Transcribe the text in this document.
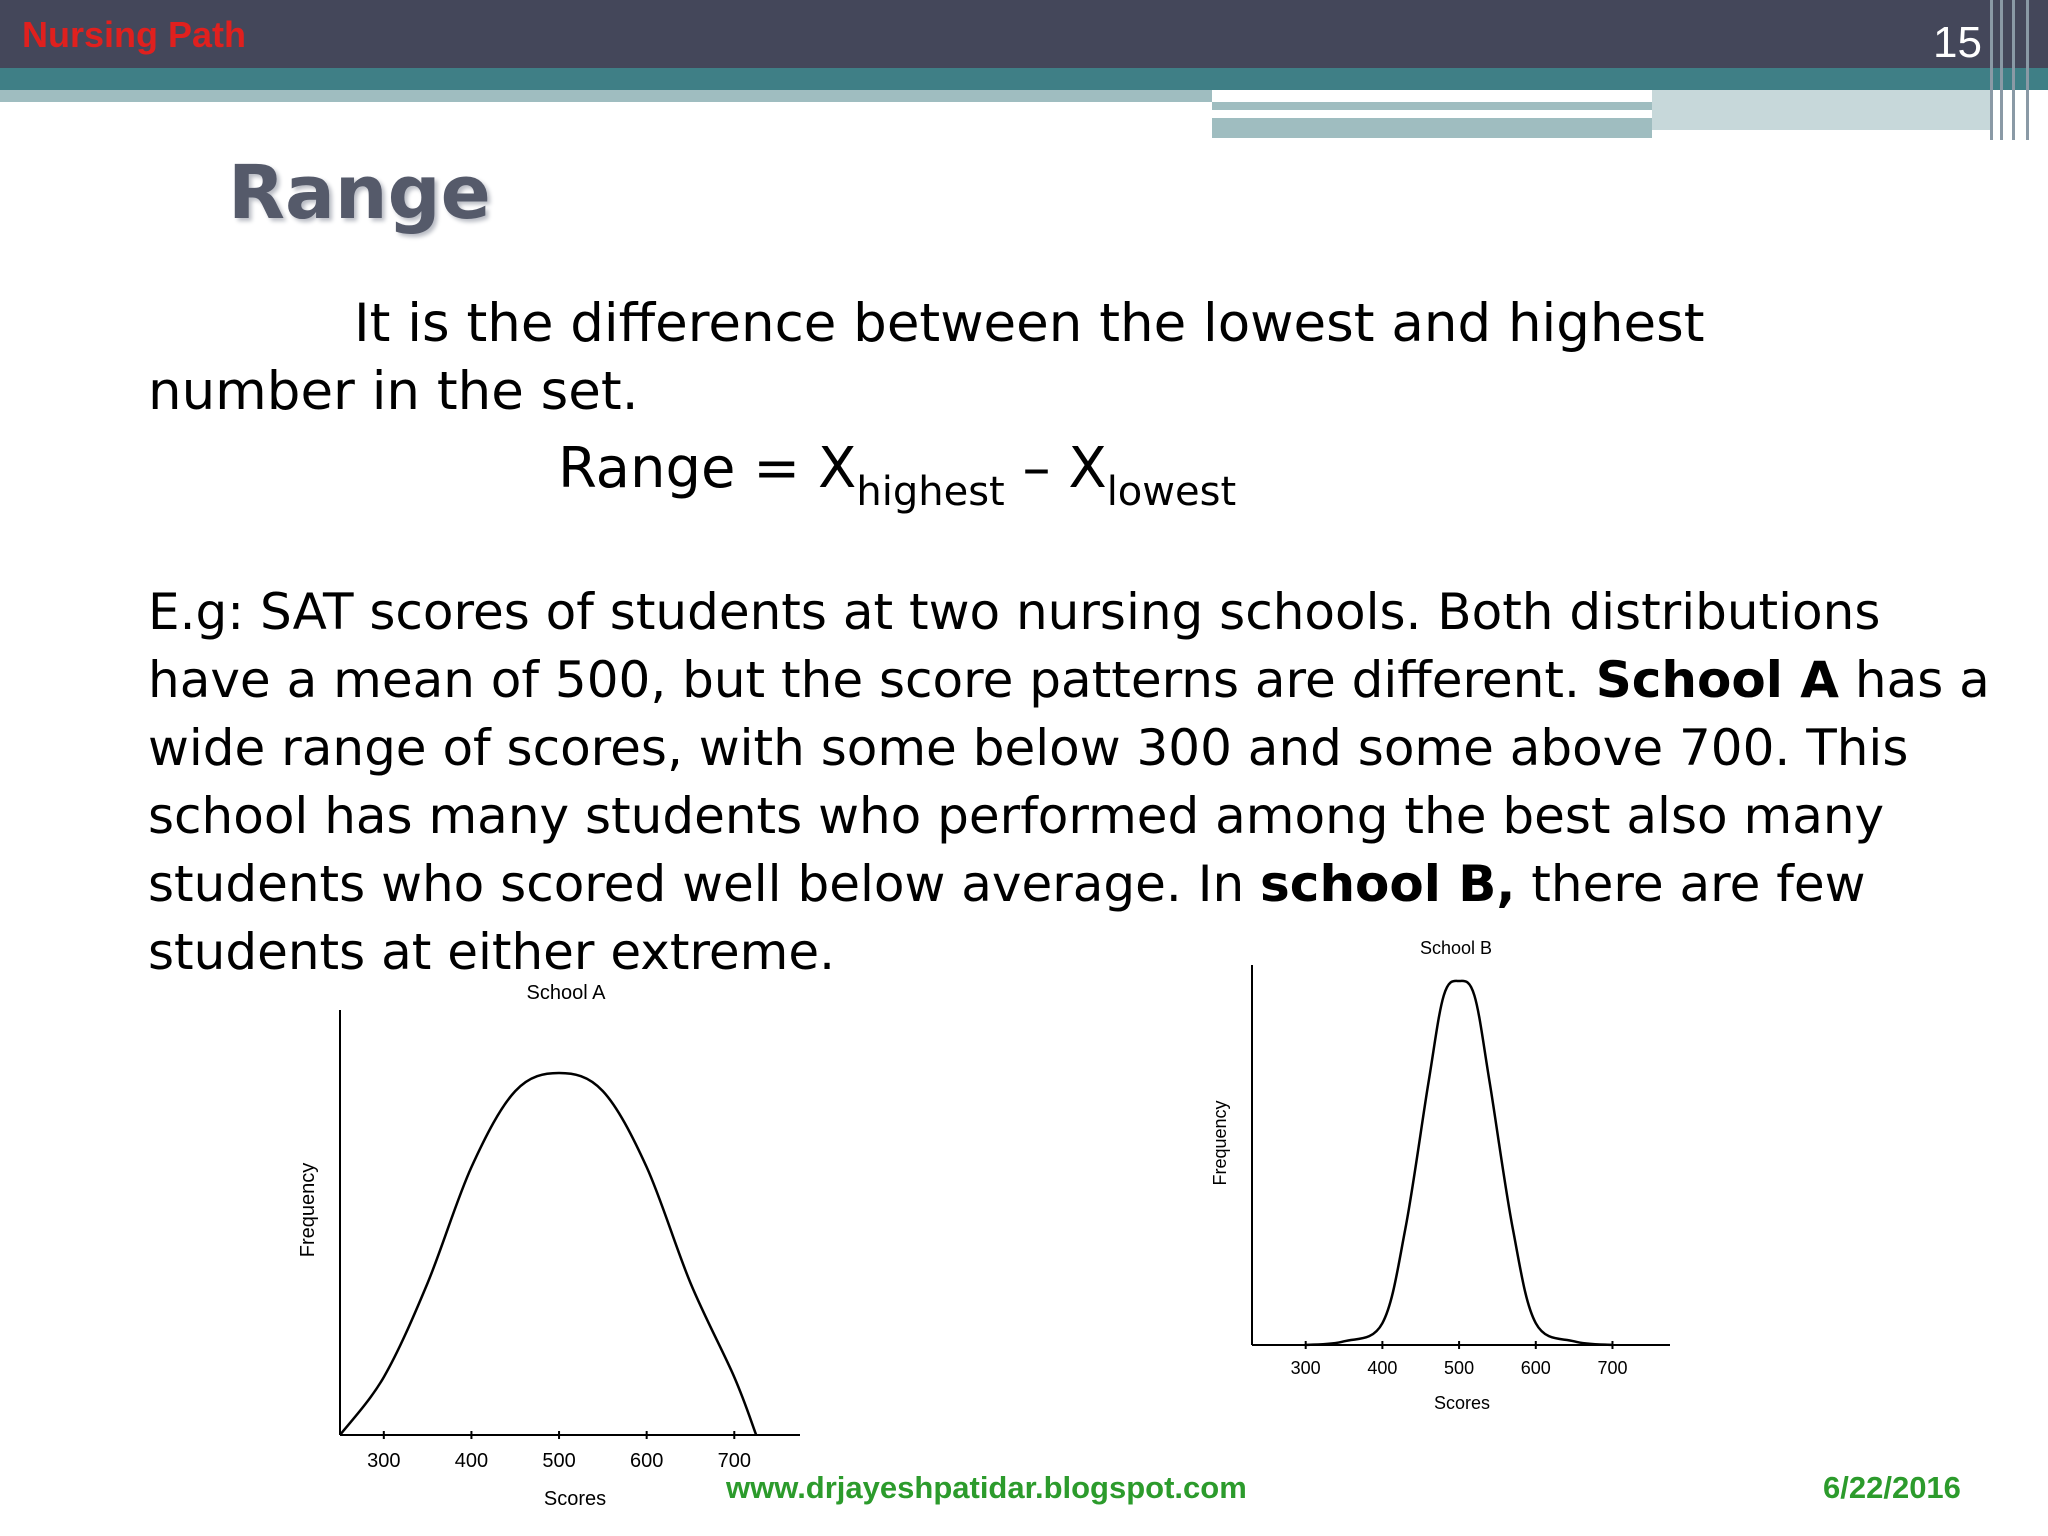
Nursing Path	15
Range

It is the difference between the lowest and highest

number in the set.

Range = $X_{highest} - X_{lowest}$
E.g: SAT scores of students at two nursing schools. Both distributions
have a mean of 500, but the score patterns are different. School A has a
wide range of scores, with some below 300 and some above 700. This
school has many students who performed among the best also many
students who scored well below average. In school B, there are few
students at either extreme.
School A
Frequency
Scores
300	400	500	600	700
School B
Frequency
Scores
300	400	500	600	700
www.drjayeshpatidar.blogspot.com	6/22/2016
